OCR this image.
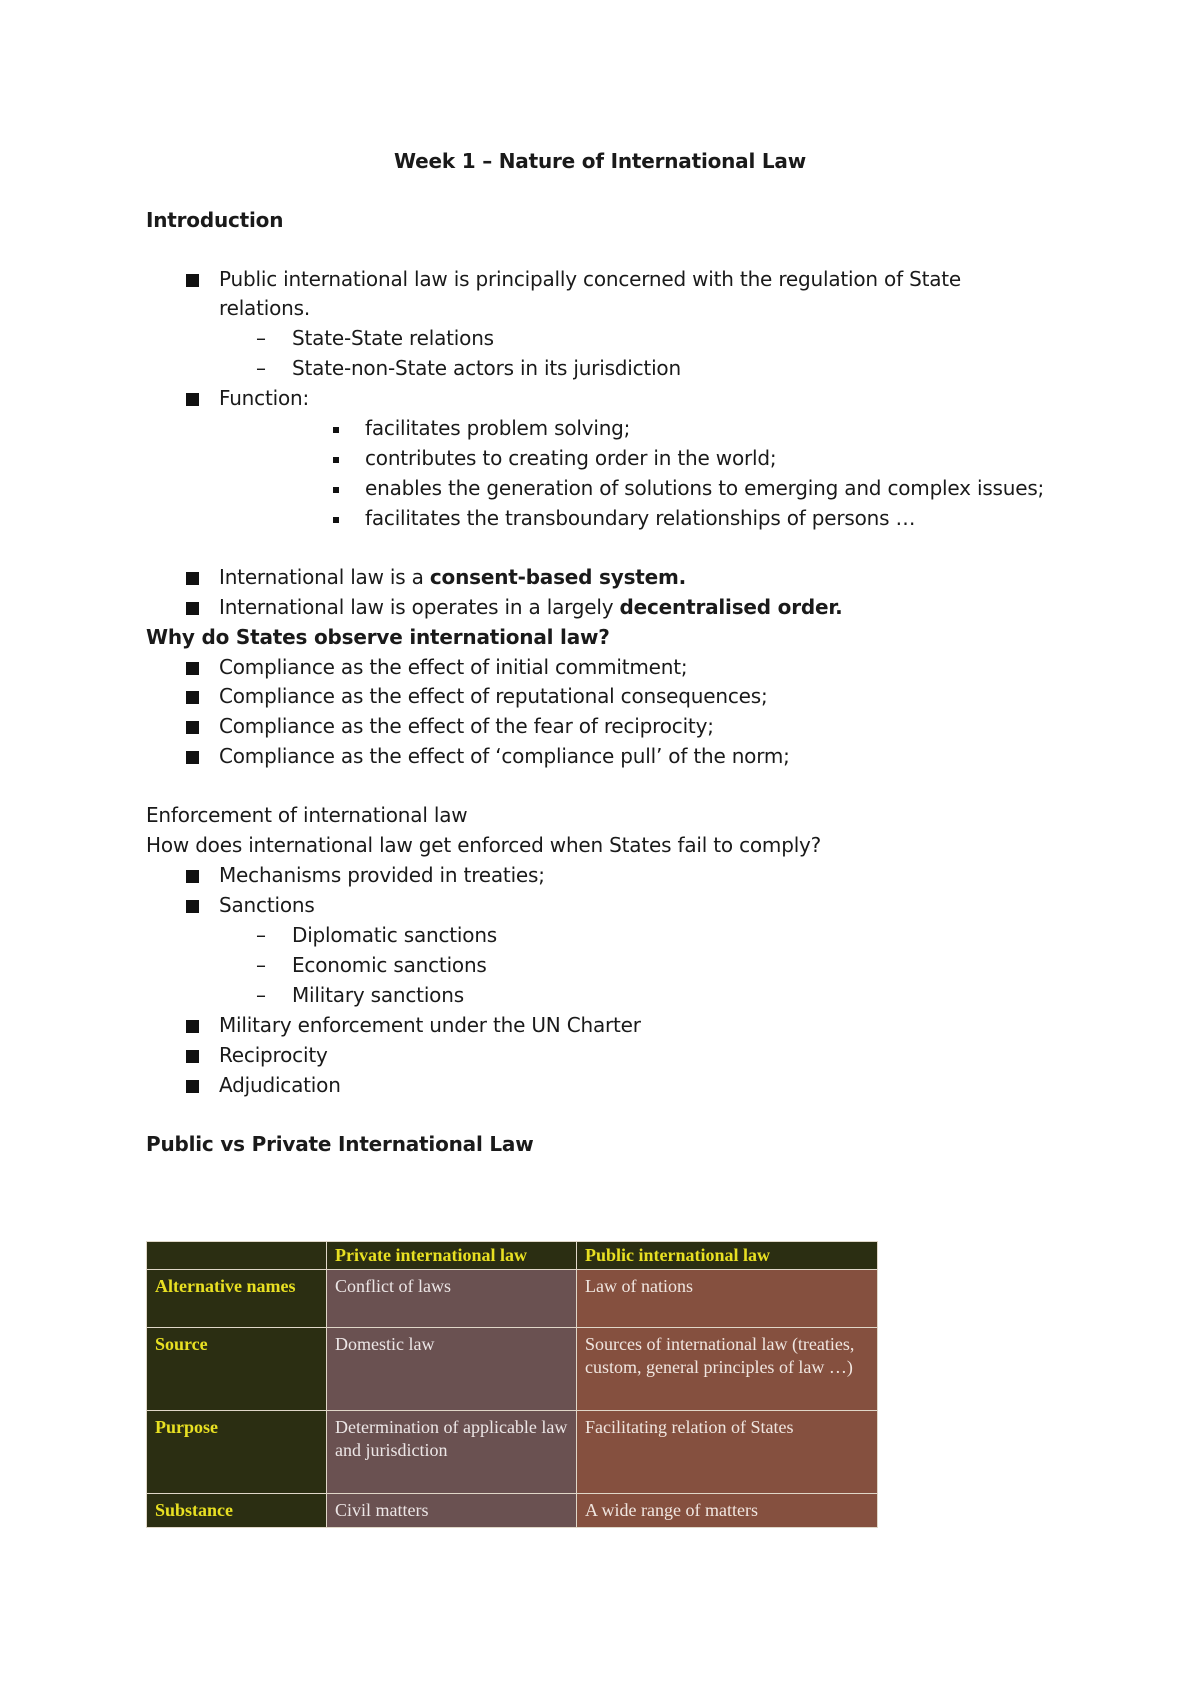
Week 1 – Nature of International Law
Introduction
Public international law is principally concerned with the regulation of State
relations.
– State-State relations
– State-non-State actors in its jurisdiction
Function:
facilitates problem solving;
contributes to creating order in the world;
enables the generation of solutions to emerging and complex issues;
facilitates the transboundary relationships of persons …
International law is a consent-based system.
International law is operates in a largely decentralised order.
Why do States observe international law?
Compliance as the effect of initial commitment;
Compliance as the effect of reputational consequences;
Compliance as the effect of the fear of reciprocity;
Compliance as the effect of ‘compliance pull’ of the norm;
Enforcement of international law
How does international law get enforced when States fail to comply?
Mechanisms provided in treaties;
Sanctions
– Diplomatic sanctions
– Economic sanctions
– Military sanctions
Military enforcement under the UN Charter
Reciprocity
Adjudication
Public vs Private International Law
	Private international law	Public international law
Alternative names	Conflict of laws	Law of nations
Source	Domestic law	Sources of international law (treaties, custom, general principles of law …)
Purpose	Determination of applicable law and jurisdiction	Facilitating relation of States
Substance	Civil matters	A wide range of matters
